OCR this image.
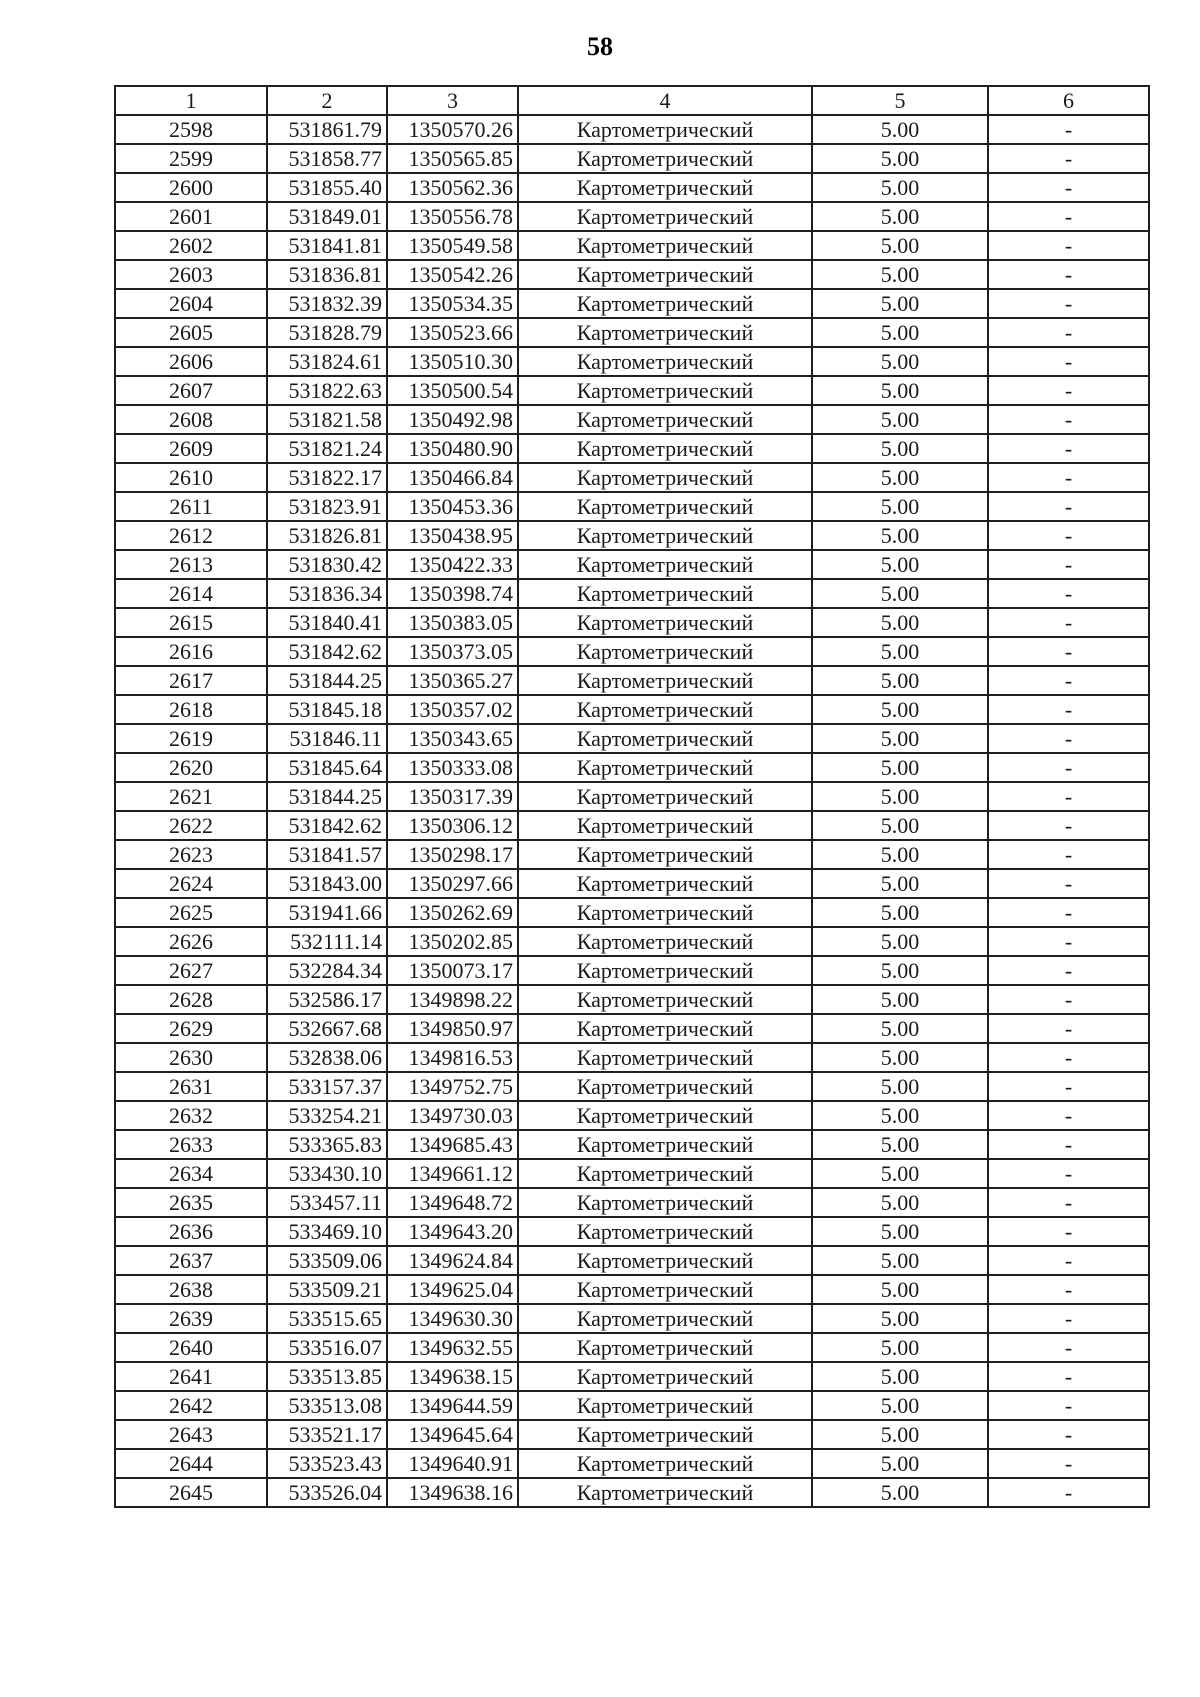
58
1	2	3	4	5	6
2598	531861.79	1350570.26	Картометрический	5.00	-
2599	531858.77	1350565.85	Картометрический	5.00	-
2600	531855.40	1350562.36	Картометрический	5.00	-
2601	531849.01	1350556.78	Картометрический	5.00	-
2602	531841.81	1350549.58	Картометрический	5.00	-
2603	531836.81	1350542.26	Картометрический	5.00	-
2604	531832.39	1350534.35	Картометрический	5.00	-
2605	531828.79	1350523.66	Картометрический	5.00	-
2606	531824.61	1350510.30	Картометрический	5.00	-
2607	531822.63	1350500.54	Картометрический	5.00	-
2608	531821.58	1350492.98	Картометрический	5.00	-
2609	531821.24	1350480.90	Картометрический	5.00	-
2610	531822.17	1350466.84	Картометрический	5.00	-
2611	531823.91	1350453.36	Картометрический	5.00	-
2612	531826.81	1350438.95	Картометрический	5.00	-
2613	531830.42	1350422.33	Картометрический	5.00	-
2614	531836.34	1350398.74	Картометрический	5.00	-
2615	531840.41	1350383.05	Картометрический	5.00	-
2616	531842.62	1350373.05	Картометрический	5.00	-
2617	531844.25	1350365.27	Картометрический	5.00	-
2618	531845.18	1350357.02	Картометрический	5.00	-
2619	531846.11	1350343.65	Картометрический	5.00	-
2620	531845.64	1350333.08	Картометрический	5.00	-
2621	531844.25	1350317.39	Картометрический	5.00	-
2622	531842.62	1350306.12	Картометрический	5.00	-
2623	531841.57	1350298.17	Картометрический	5.00	-
2624	531843.00	1350297.66	Картометрический	5.00	-
2625	531941.66	1350262.69	Картометрический	5.00	-
2626	532111.14	1350202.85	Картометрический	5.00	-
2627	532284.34	1350073.17	Картометрический	5.00	-
2628	532586.17	1349898.22	Картометрический	5.00	-
2629	532667.68	1349850.97	Картометрический	5.00	-
2630	532838.06	1349816.53	Картометрический	5.00	-
2631	533157.37	1349752.75	Картометрический	5.00	-
2632	533254.21	1349730.03	Картометрический	5.00	-
2633	533365.83	1349685.43	Картометрический	5.00	-
2634	533430.10	1349661.12	Картометрический	5.00	-
2635	533457.11	1349648.72	Картометрический	5.00	-
2636	533469.10	1349643.20	Картометрический	5.00	-
2637	533509.06	1349624.84	Картометрический	5.00	-
2638	533509.21	1349625.04	Картометрический	5.00	-
2639	533515.65	1349630.30	Картометрический	5.00	-
2640	533516.07	1349632.55	Картометрический	5.00	-
2641	533513.85	1349638.15	Картометрический	5.00	-
2642	533513.08	1349644.59	Картометрический	5.00	-
2643	533521.17	1349645.64	Картометрический	5.00	-
2644	533523.43	1349640.91	Картометрический	5.00	-
2645	533526.04	1349638.16	Картометрический	5.00	-
